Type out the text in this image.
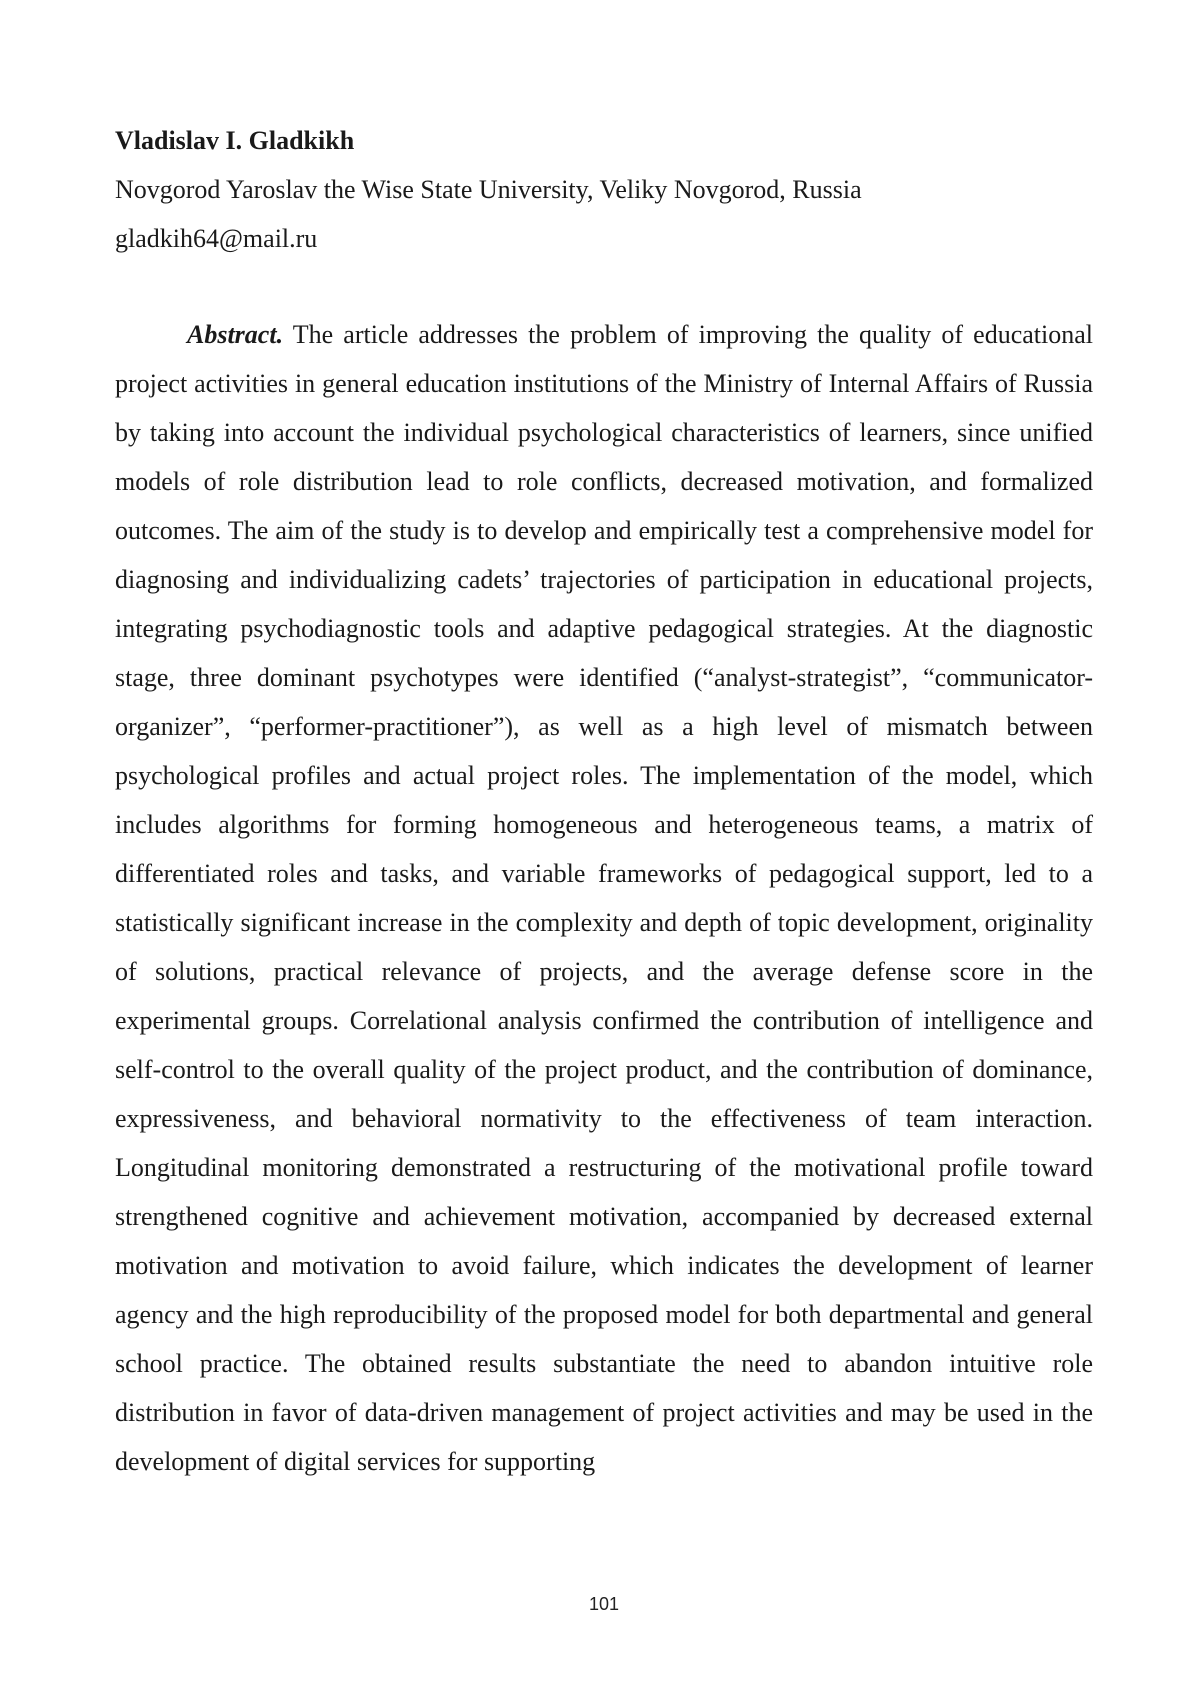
Vladislav I. Gladkikh
Novgorod Yaroslav the Wise State University, Veliky Novgorod, Russia
gladkih64@mail.ru

Abstract. The article addresses the problem of improving the quality of educational project activities in general education institutions of the Ministry of Internal Affairs of Russia by taking into account the individual psychological characteristics of learners, since unified models of role distribution lead to role conflicts, decreased motivation, and formalized outcomes. The aim of the study is to develop and empirically test a comprehensive model for diagnosing and individualizing cadets’ trajectories of participation in educational projects, integrating psychodiagnostic tools and adaptive pedagogical strategies. At the diagnostic stage, three dominant psychotypes were identified (“analyst-strategist”, “communicator-organizer”, “performer-practitioner”), as well as a high level of mismatch between psychological profiles and actual project roles. The implementation of the model, which includes algorithms for forming homogeneous and heterogeneous teams, a matrix of differentiated roles and tasks, and variable frameworks of pedagogical support, led to a statistically significant increase in the complexity and depth of topic development, originality of solutions, practical relevance of projects, and the average defense score in the experimental groups. Correlational analysis confirmed the contribution of intelligence and self-control to the overall quality of the project product, and the contribution of dominance, expressiveness, and behavioral normativity to the effectiveness of team interaction. Longitudinal monitoring demonstrated a restructuring of the motivational profile toward strengthened cognitive and achievement motivation, accompanied by decreased external motivation and motivation to avoid failure, which indicates the development of learner agency and the high reproducibility of the proposed model for both departmental and general school practice. The obtained results substantiate the need to abandon intuitive role distribution in favor of data-driven management of project activities and may be used in the development of digital services for supporting

101
